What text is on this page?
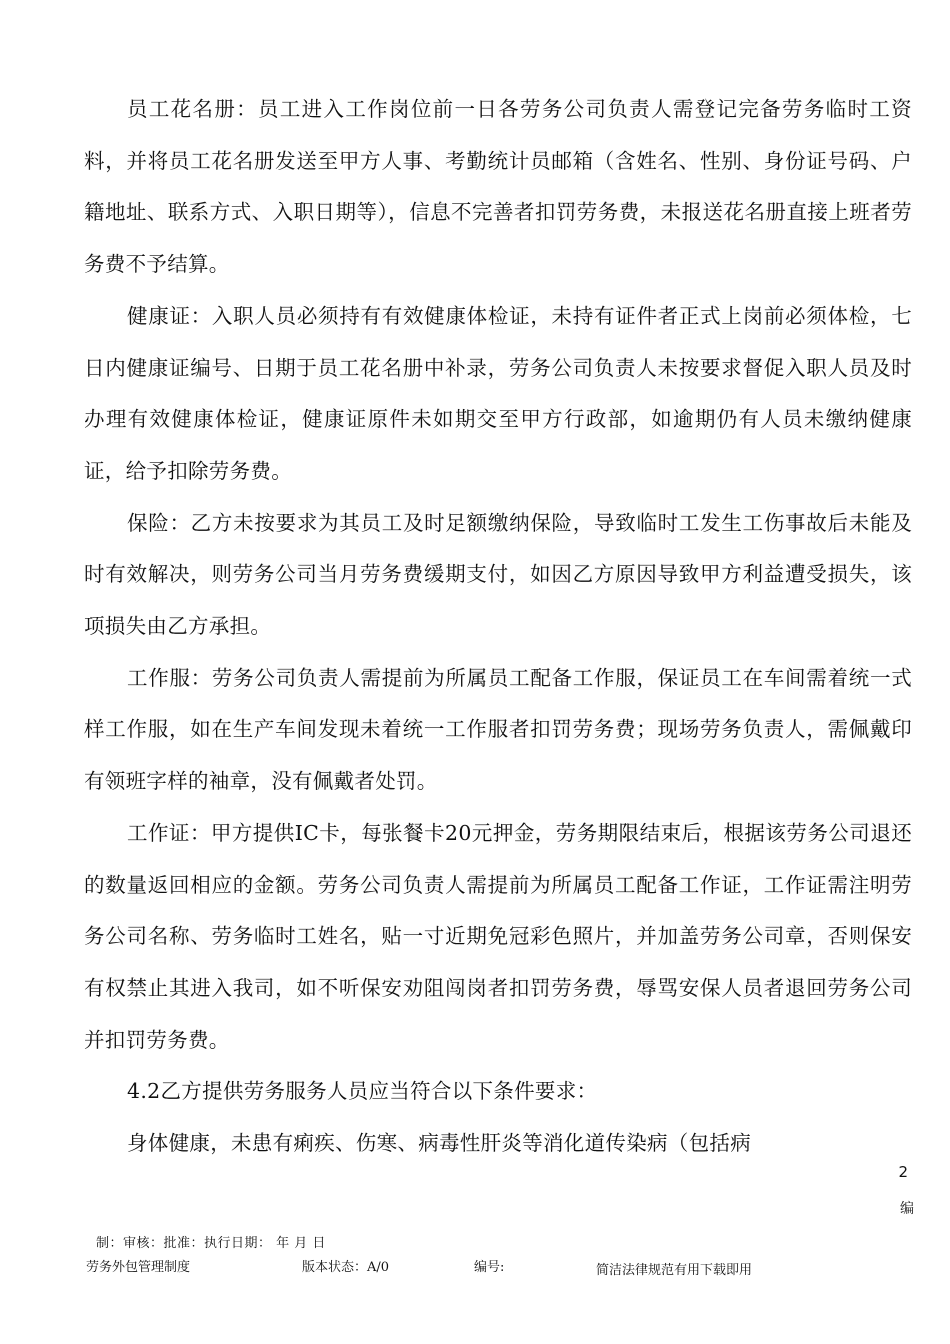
员工花名册：员工进入工作岗位前一日各劳务公司负责人需登记完备劳务临时工资料，并将员工花名册发送至甲方人事、考勤统计员邮箱（含姓名、性别、身份证号码、户籍地址、联系方式、入职日期等），信息不完善者扣罚劳务费，未报送花名册直接上班者劳务费不予结算。

健康证：入职人员必须持有有效健康体检证，未持有证件者正式上岗前必须体检，七日内健康证编号、日期于员工花名册中补录，劳务公司负责人未按要求督促入职人员及时办理有效健康体检证，健康证原件未如期交至甲方行政部，如逾期仍有人员未缴纳健康证，给予扣除劳务费。

保险：乙方未按要求为其员工及时足额缴纳保险，导致临时工发生工伤事故后未能及时有效解决，则劳务公司当月劳务费缓期支付，如因乙方原因导致甲方利益遭受损失，该项损失由乙方承担。

工作服：劳务公司负责人需提前为所属员工配备工作服，保证员工在车间需着统一式样工作服，如在生产车间发现未着统一工作服者扣罚劳务费；现场劳务负责人，需佩戴印有领班字样的袖章，没有佩戴者处罚。

工作证：甲方提供IC卡，每张餐卡20元押金，劳务期限结束后，根据该劳务公司退还的数量返回相应的金额。劳务公司负责人需提前为所属员工配备工作证，工作证需注明劳务公司名称、劳务临时工姓名，贴一寸近期免冠彩色照片，并加盖劳务公司章，否则保安有权禁止其进入我司，如不听保安劝阻闯岗者扣罚劳务费，辱骂安保人员者退回劳务公司并扣罚劳务费。

4.2乙方提供劳务服务人员应当符合以下条件要求：

身体健康，未患有痢疾、伤寒、病毒性肝炎等消化道传染病（包括病

2
编
制：审核：批准：执行日期： 年 月 日
劳务外包管理制度	版本状态：A/0	编号:	简洁法律规范有用下载即用
